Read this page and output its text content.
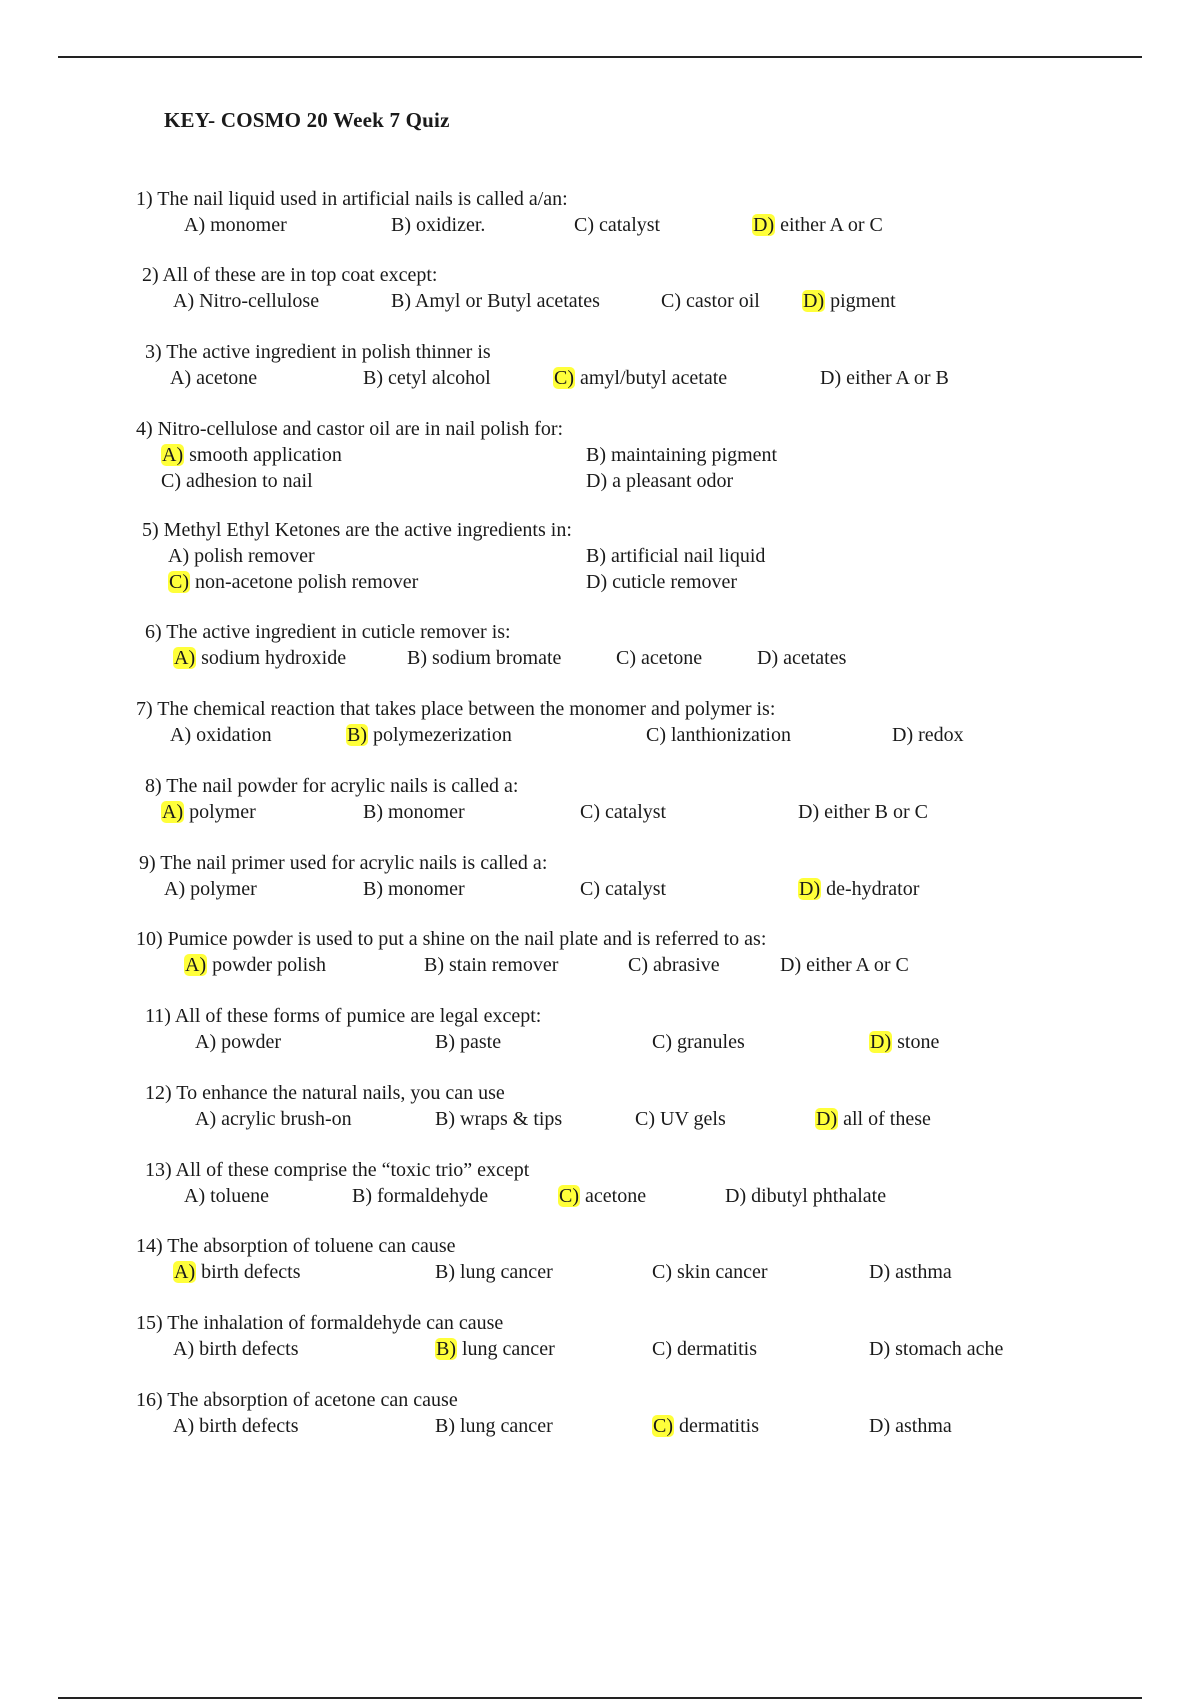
KEY- COSMO 20 Week 7 Quiz
1) The nail liquid used in artificial nails is called a/an:
A) monomer	B) oxidizer.	C) catalyst	D) either A or C
2) All of these are in top coat except:
A) Nitro-cellulose	B) Amyl or Butyl acetates	C) castor oil D) pigment
3) The active ingredient in polish thinner is
A) acetone	B) cetyl alcohol	C) amyl/butyl acetate	D) either A or B
4) Nitro-cellulose and castor oil are in nail polish for:
A) smooth application	B) maintaining pigment
C) adhesion to nail	D) a pleasant odor
5) Methyl Ethyl Ketones are the active ingredients in:
A) polish remover	B) artificial nail liquid
C) non-acetone polish remover	D) cuticle remover
6) The active ingredient in cuticle remover is:
A) sodium hydroxide	B) sodium bromate	C) acetone	D) acetates
7) The chemical reaction that takes place between the monomer and polymer is:
A) oxidation	B) polymezerization	C) lanthionization	D) redox
8) The nail powder for acrylic nails is called a:
A) polymer	B) monomer	C) catalyst	D) either B or C
9) The nail primer used for acrylic nails is called a:
A) polymer	B) monomer	C) catalyst	D) de-hydrator
10) Pumice powder is used to put a shine on the nail plate and is referred to as:
A) powder polish	B) stain remover	C) abrasive	D) either A or C
11) All of these forms of pumice are legal except:
A) powder	B) paste	C) granules	D) stone
12) To enhance the natural nails, you can use
A) acrylic brush-on	B) wraps & tips	C) UV gels	D) all of these
13) All of these comprise the “toxic trio” except
A) toluene	B) formaldehyde	C) acetone	D) dibutyl phthalate
14) The absorption of toluene can cause
A) birth defects	B) lung cancer	C) skin cancer	D) asthma
15) The inhalation of formaldehyde can cause
A) birth defects	B) lung cancer	C) dermatitis	D) stomach ache
16) The absorption of acetone can cause
A) birth defects	B) lung cancer	C) dermatitis	D) asthma
